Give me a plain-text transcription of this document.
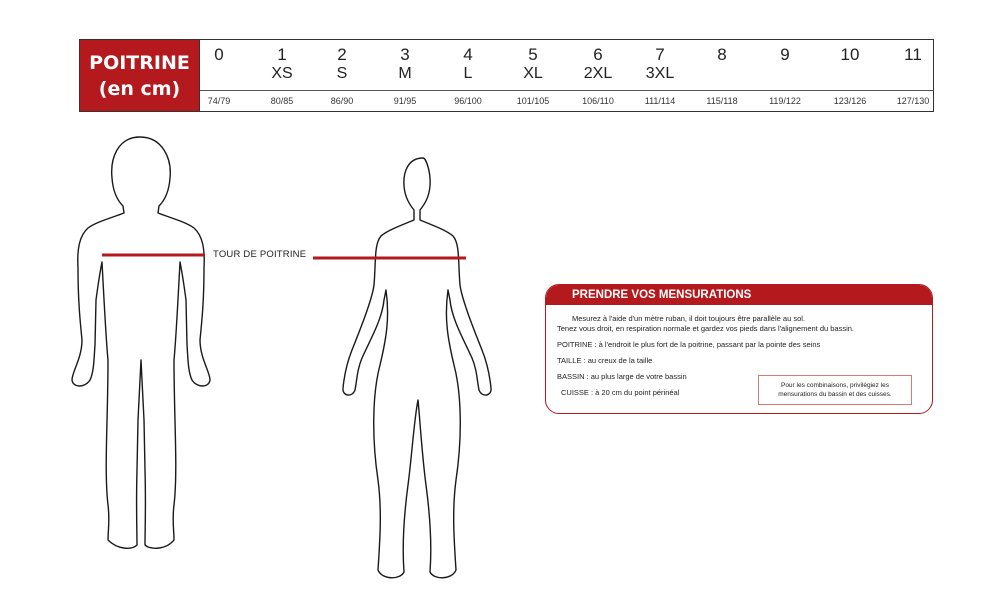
POITRINE
(en cm)
0
74/79
1
XS
80/85
2
S
86/90
3
M
91/95
4
L
96/100
5
XL
101/105
6
2XL
106/110
7
3XL
111/114
8
115/118
9
119/122
10
123/126
11
127/130
TOUR DE POITRINE
PRENDRE VOS MENSURATIONS
Mesurez à l'aide d'un mètre ruban, il doit toujours être parallèle au sol.
Tenez vous droit, en respiration normale et gardez vos pieds dans l'alignement du bassin.
POITRINE : à l'endroit le plus fort de la poitrine, passant par la pointe des seins
TAILLE : au creux de la taille
BASSIN : au plus large de votre bassin
CUISSE : à 20 cm du point périnéal
Pour les combinaisons, privilégiez les
mensurations du bassin et des cuisses.
